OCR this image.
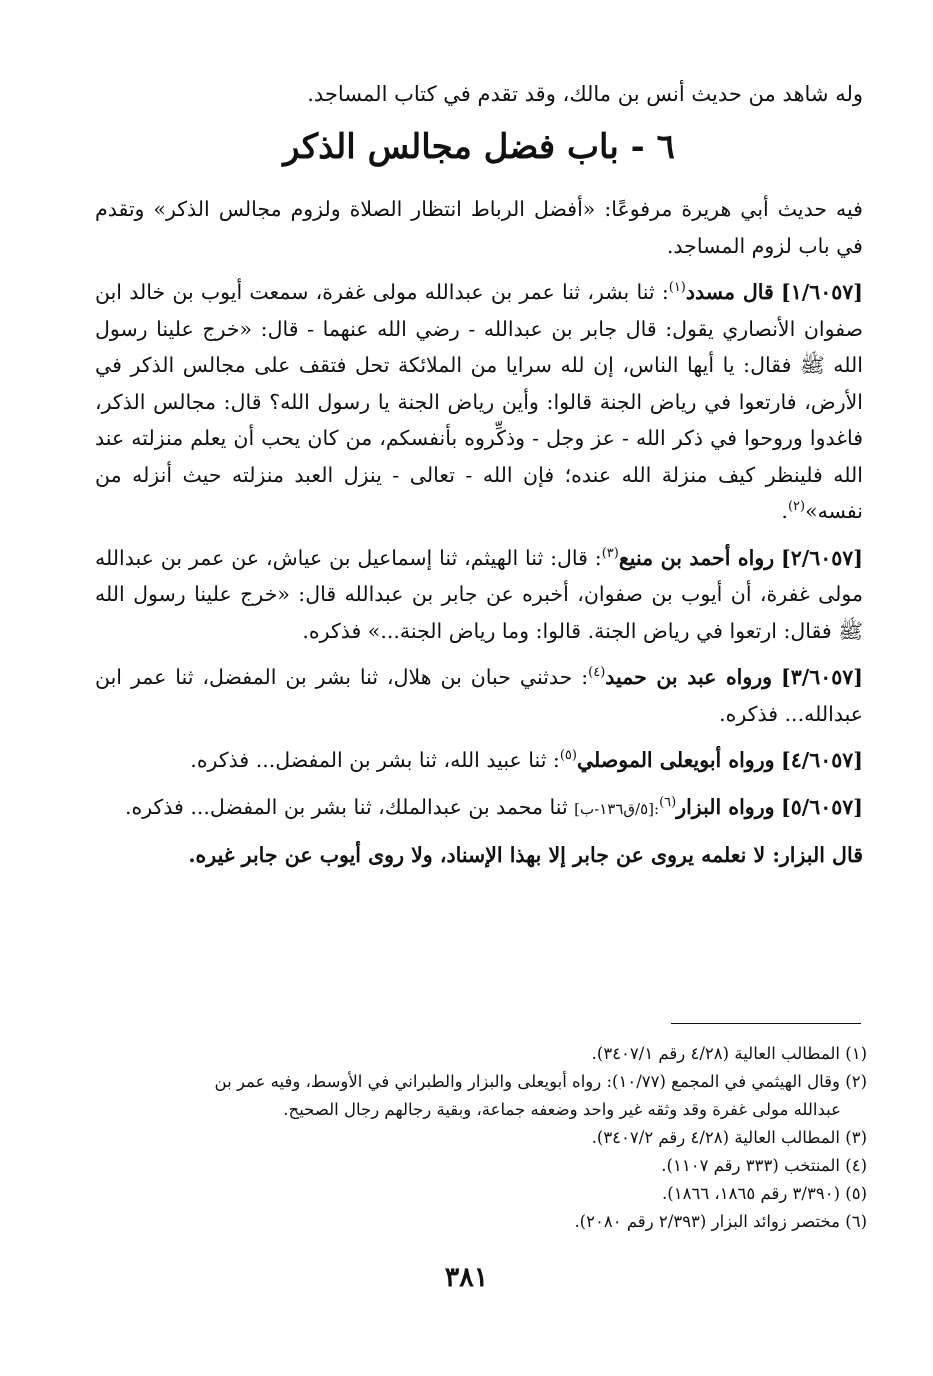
وله شاهد من حديث أنس بن مالك، وقد تقدم في كتاب المساجد.

٦ - باب فضل مجالس الذكر

فيه حديث أبي هريرة مرفوعًا: «أفضل الرباط انتظار الصلاة ولزوم مجالس الذكر» وتقدم في باب لزوم المساجد.

[١/٦٠٥٧] قال مسدد$^{(١)}$: ثنا بشر، ثنا عمر بن عبدالله مولى غفرة، سمعت أيوب بن خالد ابن صفوان الأنصاري يقول: قال جابر بن عبدالله - رضي الله عنهما - قال: «خرج علينا رسول الله ﷺ فقال: يا أيها الناس، إن لله سرايا من الملائكة تحل فتقف على مجالس الذكر في الأرض، فارتعوا في رياض الجنة قالوا: وأين رياض الجنة يا رسول الله؟ قال: مجالس الذكر، فاغدوا وروحوا في ذكر الله - عز وجل - وذكِّروه بأنفسكم، من كان يحب أن يعلم منزلته عند الله فلينظر كيف منزلة الله عنده؛ فإن الله - تعالى - ينزل العبد منزلته حيث أنزله من نفسه»$^{(٢)}$.

[٢/٦٠٥٧] رواه أحمد بن منيع$^{(٣)}$: قال: ثنا الهيثم، ثنا إسماعيل بن عياش، عن عمر بن عبدالله مولى غفرة، أن أيوب بن صفوان، أخبره عن جابر بن عبدالله قال: «خرج علينا رسول الله ﷺ فقال: ارتعوا في رياض الجنة. قالوا: وما رياض الجنة...» فذكره.

[٣/٦٠٥٧] ورواه عبد بن حميد$^{(٤)}$: حدثني حبان بن هلال، ثنا بشر بن المفضل، ثنا عمر ابن عبدالله... فذكره.

[٤/٦٠٥٧] ورواه أبويعلى الموصلي$^{(٥)}$: ثنا عبيد الله، ثنا بشر بن المفضل... فذكره.

[٥/٦٠٥٧] ورواه البزار$^{(٦)}$:[٥/ق١٣٦-ب] ثنا محمد بن عبدالملك، ثنا بشر بن المفضل... فذكره.

قال البزار: لا نعلمه يروى عن جابر إلا بهذا الإسناد، ولا روى أيوب عن جابر غيره.

(١) المطالب العالية (٤/٢٨ رقم ٣٤٠٧/١).

(٢) وقال الهيثمي في المجمع (١٠/٧٧): رواه أبويعلى والبزار والطبراني في الأوسط، وفيه عمر بن

عبدالله مولى غفرة وقد وثقه غير واحد وضعفه جماعة، وبقية رجالهم رجال الصحيح.

(٣) المطالب العالية (٤/٢٨ رقم ٣٤٠٧/٢).

(٤) المنتخب (٣٣٣ رقم ١١٠٧).

(٥) (٣/٣٩٠ رقم ١٨٦٥، ١٨٦٦).

(٦) مختصر زوائد البزار (٢/٣٩٣ رقم ٢٠٨٠).

٣٨١
